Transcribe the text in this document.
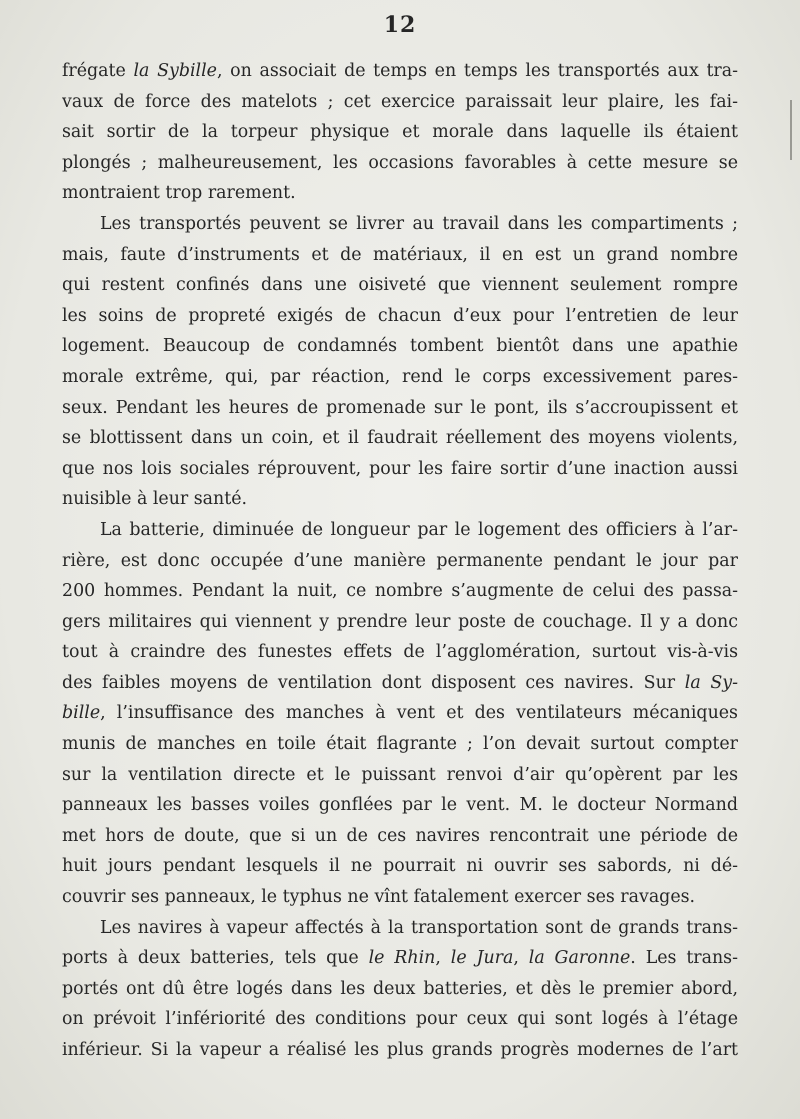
12
frégate la Sybille, on associait de temps en temps les transportés aux tra-
vaux de force des matelots ; cet exercice paraissait leur plaire, les fai-
sait sortir de la torpeur physique et morale dans laquelle ils étaient
plongés ; malheureusement, les occasions favorables à cette mesure se
montraient trop rarement.
Les transportés peuvent se livrer au travail dans les compartiments ;
mais, faute d’instruments et de matériaux, il en est un grand nombre
qui restent confinés dans une oisiveté que viennent seulement rompre
les soins de propreté exigés de chacun d’eux pour l’entretien de leur
logement. Beaucoup de condamnés tombent bientôt dans une apathie
morale extrême, qui, par réaction, rend le corps excessivement pares-
seux. Pendant les heures de promenade sur le pont, ils s’accroupissent et
se blottissent dans un coin, et il faudrait réellement des moyens violents,
que nos lois sociales réprouvent, pour les faire sortir d’une inaction aussi
nuisible à leur santé.
La batterie, diminuée de longueur par le logement des officiers à l’ar-
rière, est donc occupée d’une manière permanente pendant le jour par
200 hommes. Pendant la nuit, ce nombre s’augmente de celui des passa-
gers militaires qui viennent y prendre leur poste de couchage. Il y a donc
tout à craindre des funestes effets de l’agglomération, surtout vis-à-vis
des faibles moyens de ventilation dont disposent ces navires. Sur la Sy-
bille, l’insuffisance des manches à vent et des ventilateurs mécaniques
munis de manches en toile était flagrante ; l’on devait surtout compter
sur la ventilation directe et le puissant renvoi d’air qu’opèrent par les
panneaux les basses voiles gonflées par le vent. M. le docteur Normand
met hors de doute, que si un de ces navires rencontrait une période de
huit jours pendant lesquels il ne pourrait ni ouvrir ses sabords, ni dé-
couvrir ses panneaux, le typhus ne vînt fatalement exercer ses ravages.
Les navires à vapeur affectés à la transportation sont de grands trans-
ports à deux batteries, tels que le Rhin, le Jura, la Garonne. Les trans-
portés ont dû être logés dans les deux batteries, et dès le premier abord,
on prévoit l’infériorité des conditions pour ceux qui sont logés à l’étage
inférieur. Si la vapeur a réalisé les plus grands progrès modernes de l’art
